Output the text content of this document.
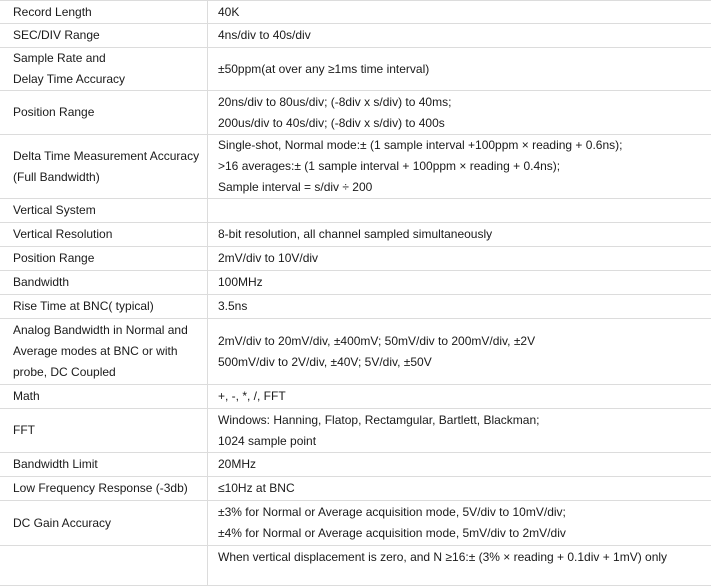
Record Length	40K

SEC/DIV Range	4ns/div to 40s/div

Sample Rate and
Delay Time Accuracy	±50ppm(at over any ≥1ms time interval)

Position Range	20ns/div to 80us/div; (-8div x s/div) to 40ms;
200us/div to 40s/div; (-8div x s/div) to 400s

Delta Time Measurement Accuracy
(Full Bandwidth)	Single-shot, Normal mode:± (1 sample interval +100ppm × reading + 0.6ns);
>16 averages:± (1 sample interval + 100ppm × reading + 0.4ns);
Sample interval = s/div ÷ 200

Vertical System	

Vertical Resolution	8-bit resolution, all channel sampled simultaneously

Position Range	2mV/div to 10V/div

Bandwidth	100MHz

Rise Time at BNC( typical)	3.5ns

Analog Bandwidth in Normal and
Average modes at BNC or with
probe, DC Coupled	2mV/div to 20mV/div, ±400mV; 50mV/div to 200mV/div, ±2V
500mV/div to 2V/div, ±40V; 5V/div, ±50V

Math	+, -, *, /, FFT

FFT	Windows: Hanning, Flatop, Rectamgular, Bartlett, Blackman;
1024 sample point

Bandwidth Limit	20MHz

Low Frequency Response (-3db)	≤10Hz at BNC

DC Gain Accuracy	±3% for Normal or Average acquisition mode, 5V/div to 10mV/div;
±4% for Normal or Average acquisition mode, 5mV/div to 2mV/div

	When vertical displacement is zero, and N ≥16:± (3% × reading + 0.1div + 1mV) only
